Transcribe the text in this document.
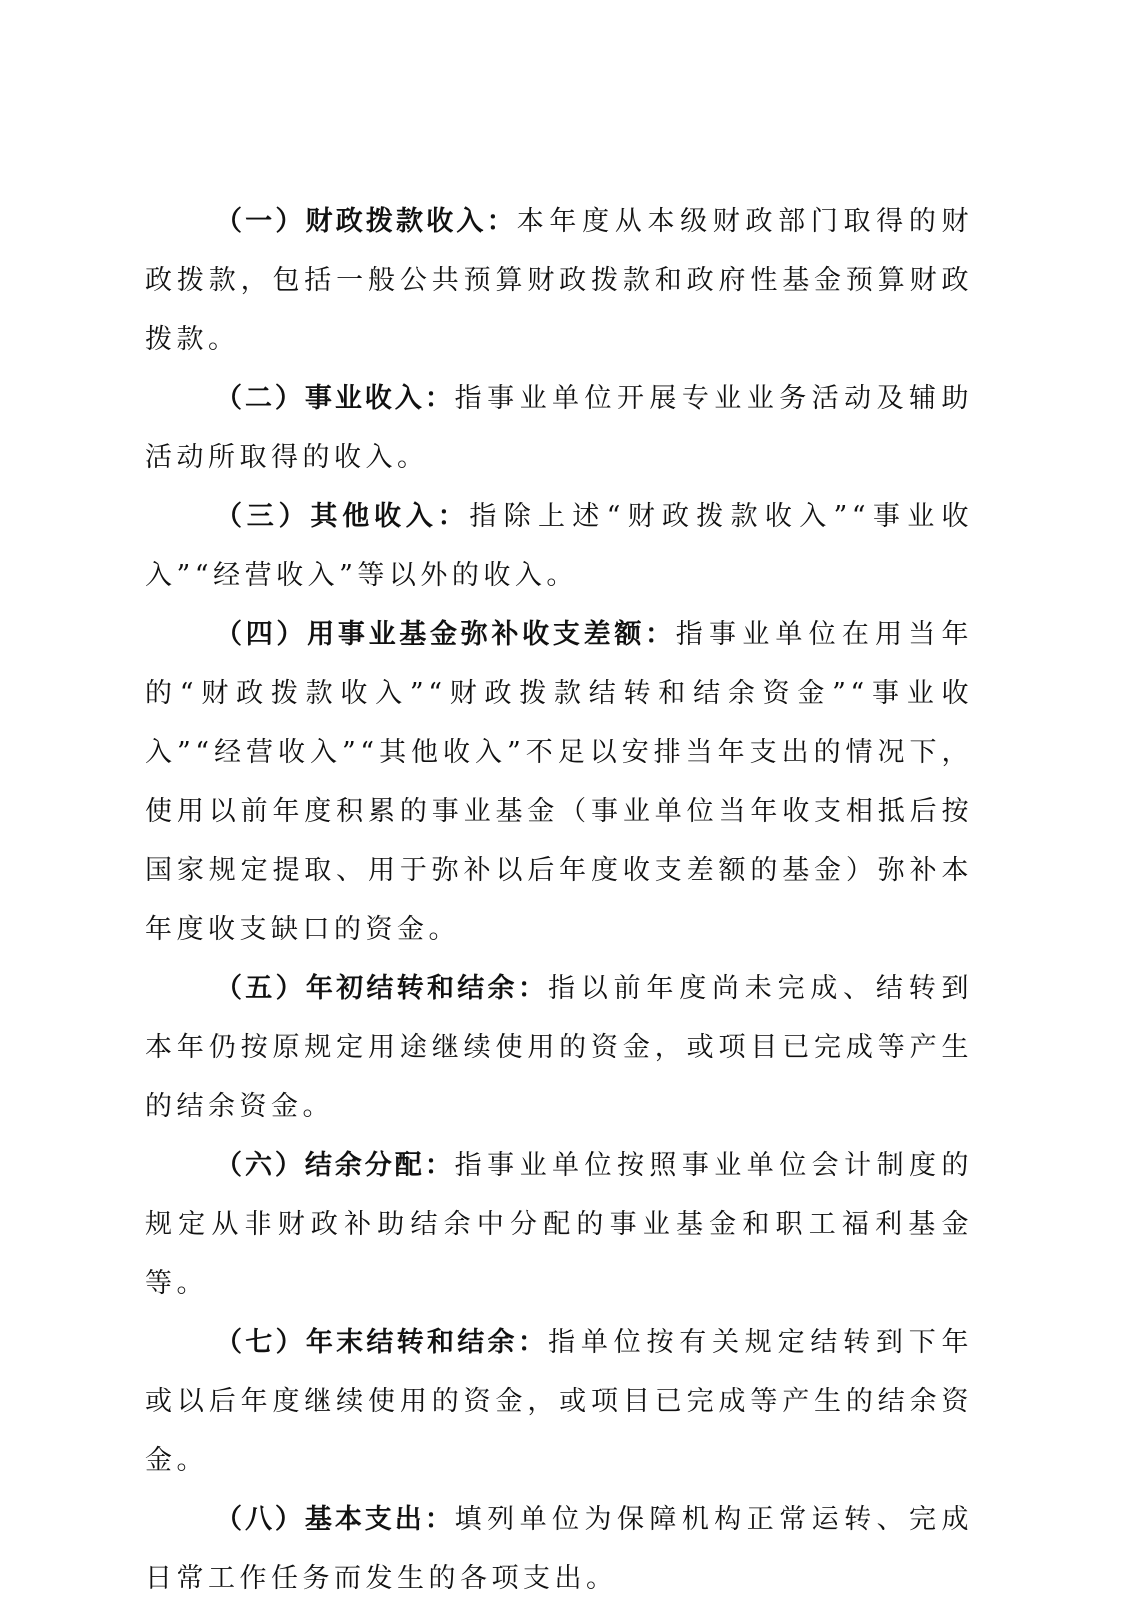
（一）财政拨款收入：本年度从本级财政部门取得的财政拨款，包括一般公共预算财政拨款和政府性基金预算财政拨款。

（二）事业收入：指事业单位开展专业业务活动及辅助活动所取得的收入。

（三）其他收入：指除上述“财政拨款收入”“事业收入”“经营收入”等以外的收入。

（四）用事业基金弥补收支差额：指事业单位在用当年的“财政拨款收入”“财政拨款结转和结余资金”“事业收入”“经营收入”“其他收入”不足以安排当年支出的情况下，使用以前年度积累的事业基金（事业单位当年收支相抵后按国家规定提取、用于弥补以后年度收支差额的基金）弥补本年度收支缺口的资金。

（五）年初结转和结余：指以前年度尚未完成、结转到本年仍按原规定用途继续使用的资金，或项目已完成等产生的结余资金。

（六）结余分配：指事业单位按照事业单位会计制度的规定从非财政补助结余中分配的事业基金和职工福利基金等。

（七）年末结转和结余：指单位按有关规定结转到下年或以后年度继续使用的资金，或项目已完成等产生的结余资金。

（八）基本支出：填列单位为保障机构正常运转、完成日常工作任务而发生的各项支出。
